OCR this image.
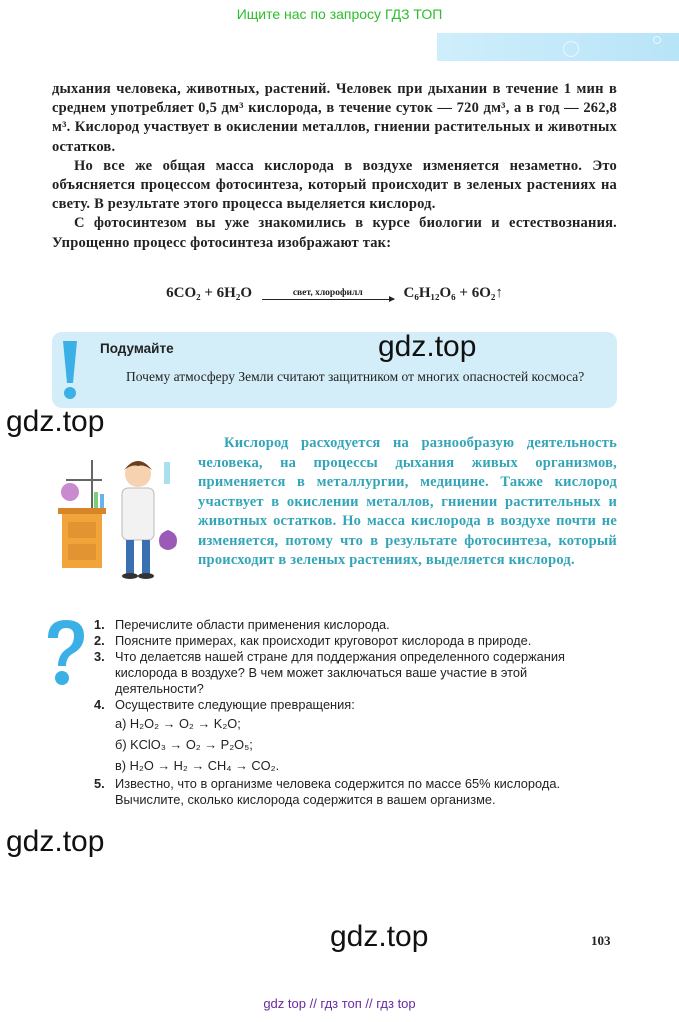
Ищите нас по запросу ГДЗ ТОП

дыхания человека, животных, растений. Человек при дыхании в течение 1 мин в среднем употребляет 0,5 дм³ кислорода, в течение суток — 720 дм³, а в год — 262,8 м³. Кислород участвует в окислении металлов, гниении растительных и животных остатков.

Но все же общая масса кислорода в воздухе изменяется незаметно. Это объясняется процессом фотосинтеза, который происходит в зеленых растениях на свету. В результате этого процесса выделяется кислород.

С фотосинтезом вы уже знакомились в курсе биологии и естествознания. Упрощенно процесс фотосинтеза изображают так:

6CO₂ + 6H₂O	свет, хлорофилл	C₆H₁₂O₆ + 6O₂↑
Подумайте
Почему атмосферу Земли считают защитником от многих опасностей космоса?
gdz.top
gdz.top
Кислород расходуется на разнообразую деятельность человека, на процессы дыхания живых организмов, применяется в металлургии, медицине. Также кислород участвует в окислении металлов, гниении растительных и животных остатков. Но масса кислорода в воздухе почти не изменяется, потому что в результате фотосинтеза, который происходит в зеленых растениях, выделяется кислород.
1. Перечислите области применения кислорода.
2. Поясните примерах, как происходит круговорот кислорода в природе.
3. Что делаетсяв нашей стране для поддержания определенного содержания кислорода в воздухе? В чем может заключаться ваше участие в этой деятельности?
4. Осуществите следующие превращения:
а) H₂O₂ → O₂ → K₂O;
б) KClO₃ → O₂ → P₂O₅;
в) H₂O → H₂ → CH₄ → CO₂.
5. Известно, что в организме человека содержится по массе 65% кислорода. Вычислите, сколько кислорода содержится в вашем организме.
gdz.top
gdz.top	103
gdz top // гдз топ // гдз top
